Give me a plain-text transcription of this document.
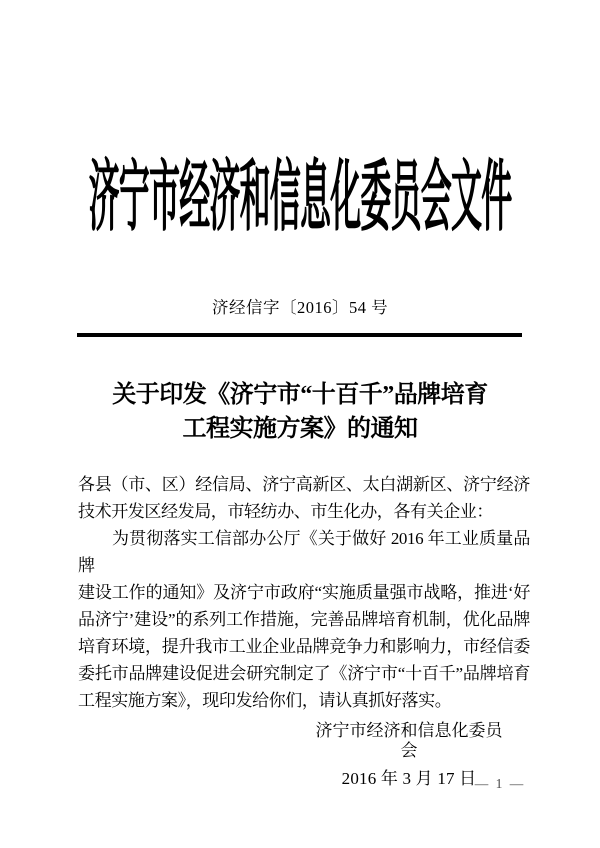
济宁市经济和信息化委员会文件
济经信字〔2016〕54 号
关于印发《济宁市“十百千”品牌培育
工程实施方案》的通知
各县（市、区）经信局、济宁高新区、太白湖新区、济宁经济
技术开发区经发局，市轻纺办、市生化办，各有关企业：
为贯彻落实工信部办公厅《关于做好 2016 年工业质量品牌
建设工作的通知》及济宁市政府“实施质量强市战略，推进‘好
品济宁’建设”的系列工作措施，完善品牌培育机制，优化品牌
培育环境，提升我市工业企业品牌竞争力和影响力，市经信委
委托市品牌建设促进会研究制定了《济宁市“十百千”品牌培育
工程实施方案》，现印发给你们，请认真抓好落实。
济宁市经济和信息化委员会
2016 年 3 月 17 日
— 1 —
